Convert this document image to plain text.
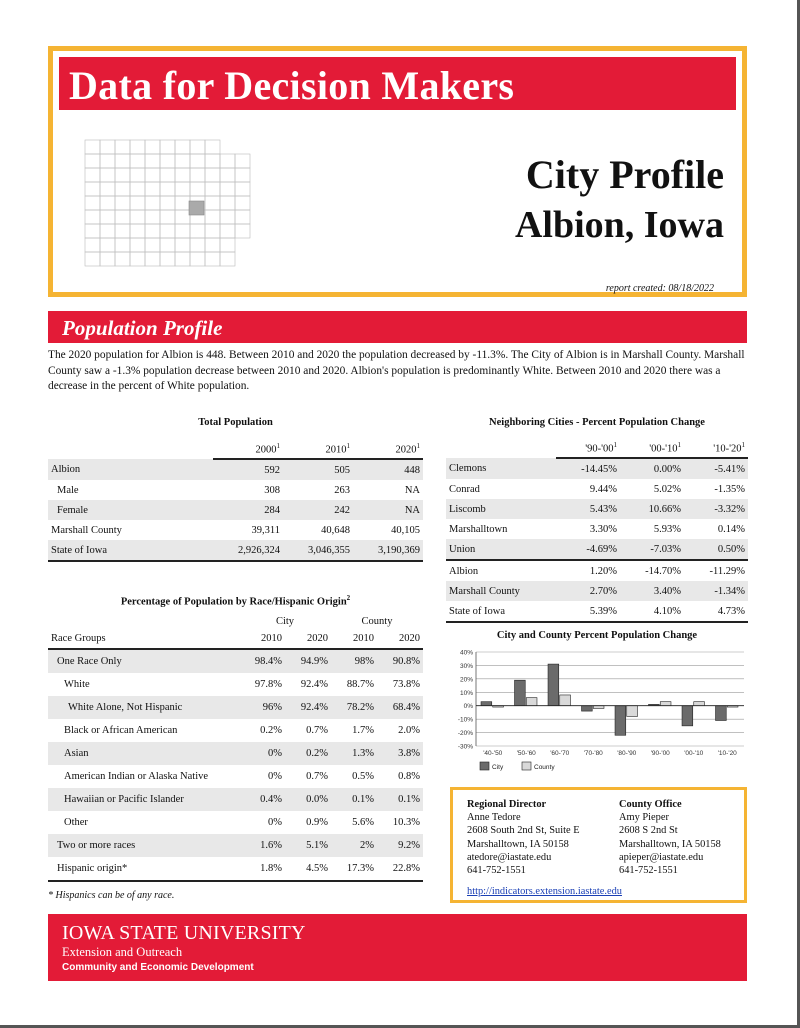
Data for Decision Makers
City Profile
Albion, Iowa
report created: 08/18/2022
Population Profile
The 2020 population for Albion is 448. Between 2010 and 2020 the population decreased by -11.3%. The City of Albion is in Marshall County. Marshall County saw a -1.3% population decrease between 2010 and 2020. Albion's population is predominantly White. Between 2010 and 2020 there was a decrease in the percent of White population.
Total Population
	2000$^1$	2010$^1$	2020$^1$
Albion	592	505	448
Male	308	263	NA
Female	284	242	NA
Marshall County	39,311	40,648	40,105
State of Iowa	2,926,324	3,046,355	3,190,369
Neighboring Cities - Percent Population Change
	'$90-'00^1$	'$00-'10^1$	'$10-'20^1$
Clemons	-14.45%	0.00%	-5.41%
Conrad	9.44%	5.02%	-1.35%
Liscomb	5.43%	10.66%	-3.32%
Marshalltown	3.30%	5.93%	0.14%
Union	-4.69%	-7.03%	0.50%
Albion	1.20%	-14.70%	-11.29%
Marshall County	2.70%	3.40%	-1.34%
State of Iowa	5.39%	4.10%	4.73%
Percentage of Population by Race/Hispanic Origin$^2$
	City		County	
Race Groups	2010	2020	2010	2020
One Race Only	98.4%	94.9%	98%	90.8%
White	97.8%	92.4%	88.7%	73.8%
White Alone, Not Hispanic	96%	92.4%	78.2%	68.4%
Black or African American	0.2%	0.7%	1.7%	2.0%
Asian	0%	0.2%	1.3%	3.8%
American Indian or Alaska Native	0%	0.7%	0.5%	0.8%
Hawaiian or Pacific Islander	0.4%	0.0%	0.1%	0.1%
Other	0%	0.9%	5.6%	10.3%
Two or more races	1.6%	5.1%	2%	9.2%
Hispanic origin*	1.8%	4.5%	17.3%	22.8%
* Hispanics can be of any race.
City and County Percent Population Change
40%
30%
20%
10%
0%
-10%
-20%
-30%
'40-'50 '50-'60 '60-'70 '70-'80 '80-'90 '90-'00 '00-'10 '10-'20
City	County
Regional Director
Anne Tedore
2608 South 2nd St, Suite E
Marshalltown, IA 50158
atedore@iastate.edu
641-752-1551
County Office
Amy Pieper
2608 S 2nd St
Marshalltown, IA 50158
apieper@iastate.edu
641-752-1551
http://indicators.extension.iastate.edu
IOWA STATE UNIVERSITY
Extension and Outreach
Community and Economic Development
